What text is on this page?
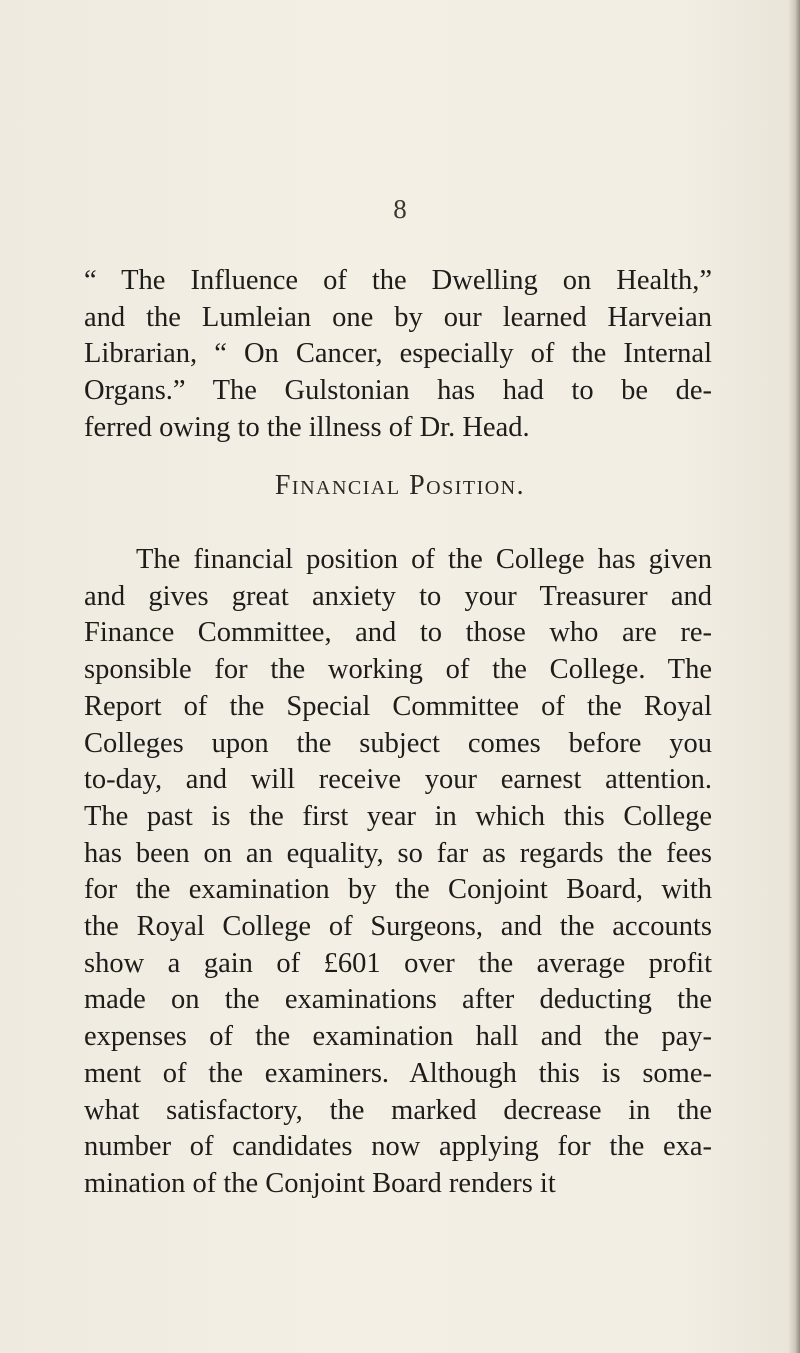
8
“ The Influence of the Dwelling on Health,”
and the Lumleian one by our learned Harveian
Librarian, “ On Cancer, especially of the Internal
Organs.” The Gulstonian has had to be de-
ferred owing to the illness of Dr. Head.
Financial Position.
The financial position of the College has given
and gives great anxiety to your Treasurer and
Finance Committee, and to those who are re-
sponsible for the working of the College. The
Report of the Special Committee of the Royal
Colleges upon the subject comes before you
to-day, and will receive your earnest attention.
The past is the first year in which this College
has been on an equality, so far as regards the fees
for the examination by the Conjoint Board, with
the Royal College of Surgeons, and the accounts
show a gain of £601 over the average profit
made on the examinations after deducting the
expenses of the examination hall and the pay-
ment of the examiners. Although this is some-
what satisfactory, the marked decrease in the
number of candidates now applying for the exa-
mination of the Conjoint Board renders it
